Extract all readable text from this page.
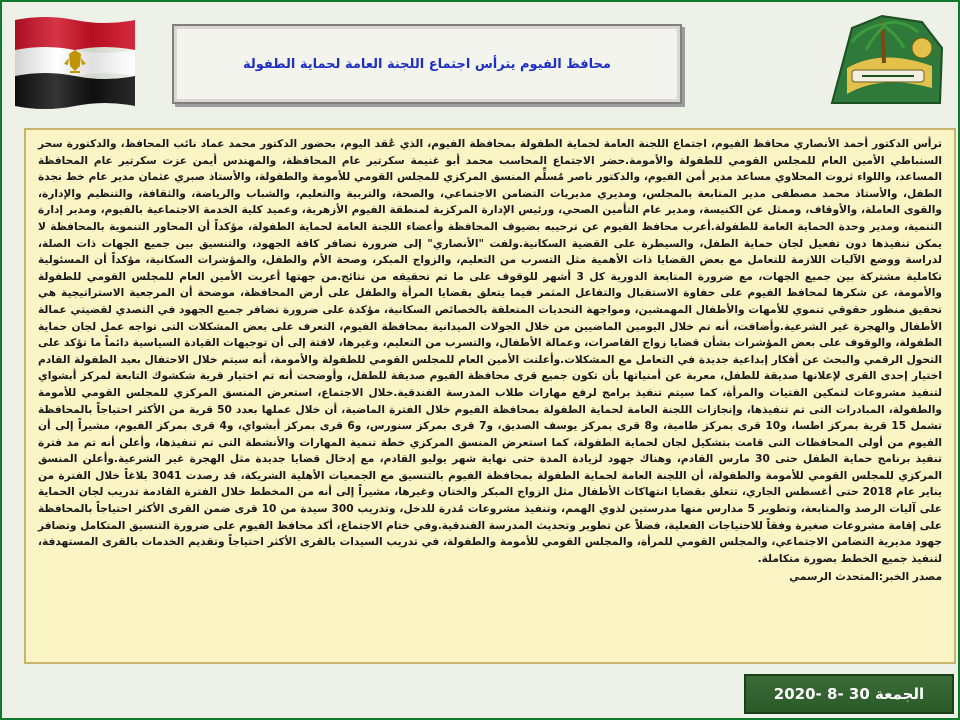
محافظ الفيوم يترأس اجتماع اللجنة العامة لحماية الطفولة

ترأس الدكتور أحمد الأنصاري محافظ الفيوم، اجتماع اللجنة العامة لحماية الطفولة بمحافظة الفيوم، الذي عُقد اليوم، بحضور الدكتور محمد عماد نائب المحافظ، والدكتورة سحر السنباطي الأمين العام للمجلس القومي للطفولة والأمومة.حضر الاجتماع المحاسب محمد أبو غنيمة سكرتير عام المحافظة، والمهندس أيمن عزت سكرتير عام المحافظة المساعد، واللواء ثروت المحلاوي مساعد مدير أمن الفيوم، والدكتور ناصر مُسلِّم المنسق المركزي للمجلس القومي للأمومة والطفولة، والأستاذ صبري عثمان مدير عام خط نجدة الطفل، والأستاذ محمد مصطفى مدير المتابعة بالمجلس، ومديري مديريات التضامن الاجتماعي، والصحة، والتربية والتعليم، والشباب والرياضة، والثقافة، والتنظيم والإدارة، والقوى العاملة، والأوقاف، وممثل عن الكنيسة، ومدير عام التأمين الصحي، ورئيس الإدارة المركزية لمنطقة الفيوم الأزهرية، وعميد كلية الخدمة الاجتماعية بالفيوم، ومدير إدارة التنمية، ومدير وحدة الحماية العامة للطفولة.أعرب محافظ الفيوم عن ترحيبه بضيوف المحافظة وأعضاء اللجنة العامة لحماية الطفولة، مؤكداً أن المحاور التنموية بالمحافظة لا يمكن تنفيذها دون تفعيل لجان حماية الطفل، والسيطرة على القضية السكانية.ولفت "الأنصاري" إلى ضرورة تضافر كافة الجهود، والتنسيق بين جميع الجهات ذات الصلة، لدراسة ووضع الآليات اللازمة للتعامل مع بعض القضايا ذات الأهمية مثل التسرب من التعليم، والزواج المبكر، وصحة الأم والطفل، والمؤشرات السكانية، مؤكداً أن المسئولية تكاملية مشتركة بين جميع الجهات، مع ضرورة المتابعة الدورية كل 3 أشهر للوقوف على ما تم تحقيقه من نتائج.من جهتها أعربت الأمين العام للمجلس القومي للطفولة والأمومة، عن شكرها لمحافظ الفيوم على حفاوة الاستقبال والتفاعل المثمر فيما يتعلق بقضايا المرأة والطفل على أرض المحافظة، موضحة أن المرجعية الاستراتيجية هي تحقيق منظور حقوقي تنموي للأمهات والأطفال المهمشين، ومواجهة التحديات المتعلقة بالخصائص السكانية، مؤكدة على ضرورة تضافر جميع الجهود في التصدي لقضيتي عمالة الأطفال والهجرة غير الشرعية.وأضافت، أنه تم خلال اليومين الماضيين من خلال الجولات الميدانية بمحافظة الفيوم، التعرف على بعض المشكلات التى تواجه عمل لجان حماية الطفولة، والوقوف على بعض المؤشرات بشأن قضايا زواج القاصرات، وعمالة الأطفال، والتسرب من التعليم، وغيرها، لافتة إلى أن توجيهات القيادة السياسية دائماً ما تؤكد على التحول الرقمي والبحث عن أفكار إبداعية جديدة في التعامل مع المشكلات.وأعلنت الأمين العام للمجلس القومي للطفولة والأمومة، أنه سيتم خلال الاحتفال بعيد الطفولة القادم اختيار إحدى القرى لإعلانها صديقة للطفل، معربة عن أمنياتها بأن تكون جميع قرى محافظة الفيوم صديقة للطفل، وأوضحت أنه تم اختيار قرية شكشوك التابعة لمركز أبشواي لتنفيذ مشروعات لتمكين الفتيات والمرأة، كما سيتم تنفيذ برامج لرفع مهارات طلاب المدرسة الفندقية.خلال الاجتماع، استعرض المنسق المركزي للمجلس القومي للأمومة والطفولة، المبادرات التى تم تنفيذها، وإنجازات اللجنة العامة لحماية الطفولة بمحافظة الفيوم خلال الفترة الماضية، أن خلال عملها بعدد 50 قرية من الأكثر احتياجاً بالمحافظة تشمل 15 قرية بمركز اطسا، و10 قرى بمركز طامية، و8 قرى بمركز يوسف الصديق، و7 قرى بمركز سنورس، و6 قرى بمركز أبشواي، و4 قرى بمركز الفيوم، مشيراً إلى أن الفيوم من أولى المحافظات التى قامت بتشكيل لجان لحماية الطفولة، كما استعرض المنسق المركزي خطة تنمية المهارات والأنشطة التى تم تنفيذها، وأعلن أنه تم مد فترة تنفيذ برنامج حماية الطفل حتى 30 مارس القادم، وهناك جهود لزيادة المدة حتى نهاية شهر يوليو القادم، مع إدخال قضايا جديدة مثل الهجرة غير الشرعية.وأعلن المنسق المركزي للمجلس القومي للأمومة والطفولة، أن اللجنة العامة لحماية الطفولة بمحافظة الفيوم بالتنسيق مع الجمعيات الأهلية الشريكة، قد رصدت 3041 بلاغاً خلال الفترة من يناير عام 2018 حتى أغسطس الجاري، تتعلق بقضايا انتهاكات الأطفال مثل الزواج المبكر والختان وغيرها، مشيراً إلى أنه من المخطط خلال الفترة القادمة تدريب لجان الحماية على آليات الرصد والمتابعة، وتطوير 5 مدارس منها مدرستين لذوي الهمم، وتنفيذ مشروعات مُدرة للدخل، وتدريب 300 سيدة من 10 قرى ضمن القرى الأكثر احتياجاً بالمحافظة على إقامة مشروعات صغيرة وفقاً للاحتياجات الفعلية، فضلاً عن تطوير وتحديث المدرسة الفندقية.وفي ختام الاجتماع، أكد محافظ الفيوم على ضرورة التنسيق المتكامل وتضافر جهود مديرية التضامن الاجتماعي، والمجلس القومي للمرأة، والمجلس القومي للأمومة والطفولة، في تدريب السيدات بالقرى الأكثر احتياجاً وتقديم الخدمات بالقرى المستهدفة، لتنفيذ جميع الخطط بصورة متكاملة.

مصدر الخبر:المتحدث الرسمي

الجمعة 30 -8 -2020
